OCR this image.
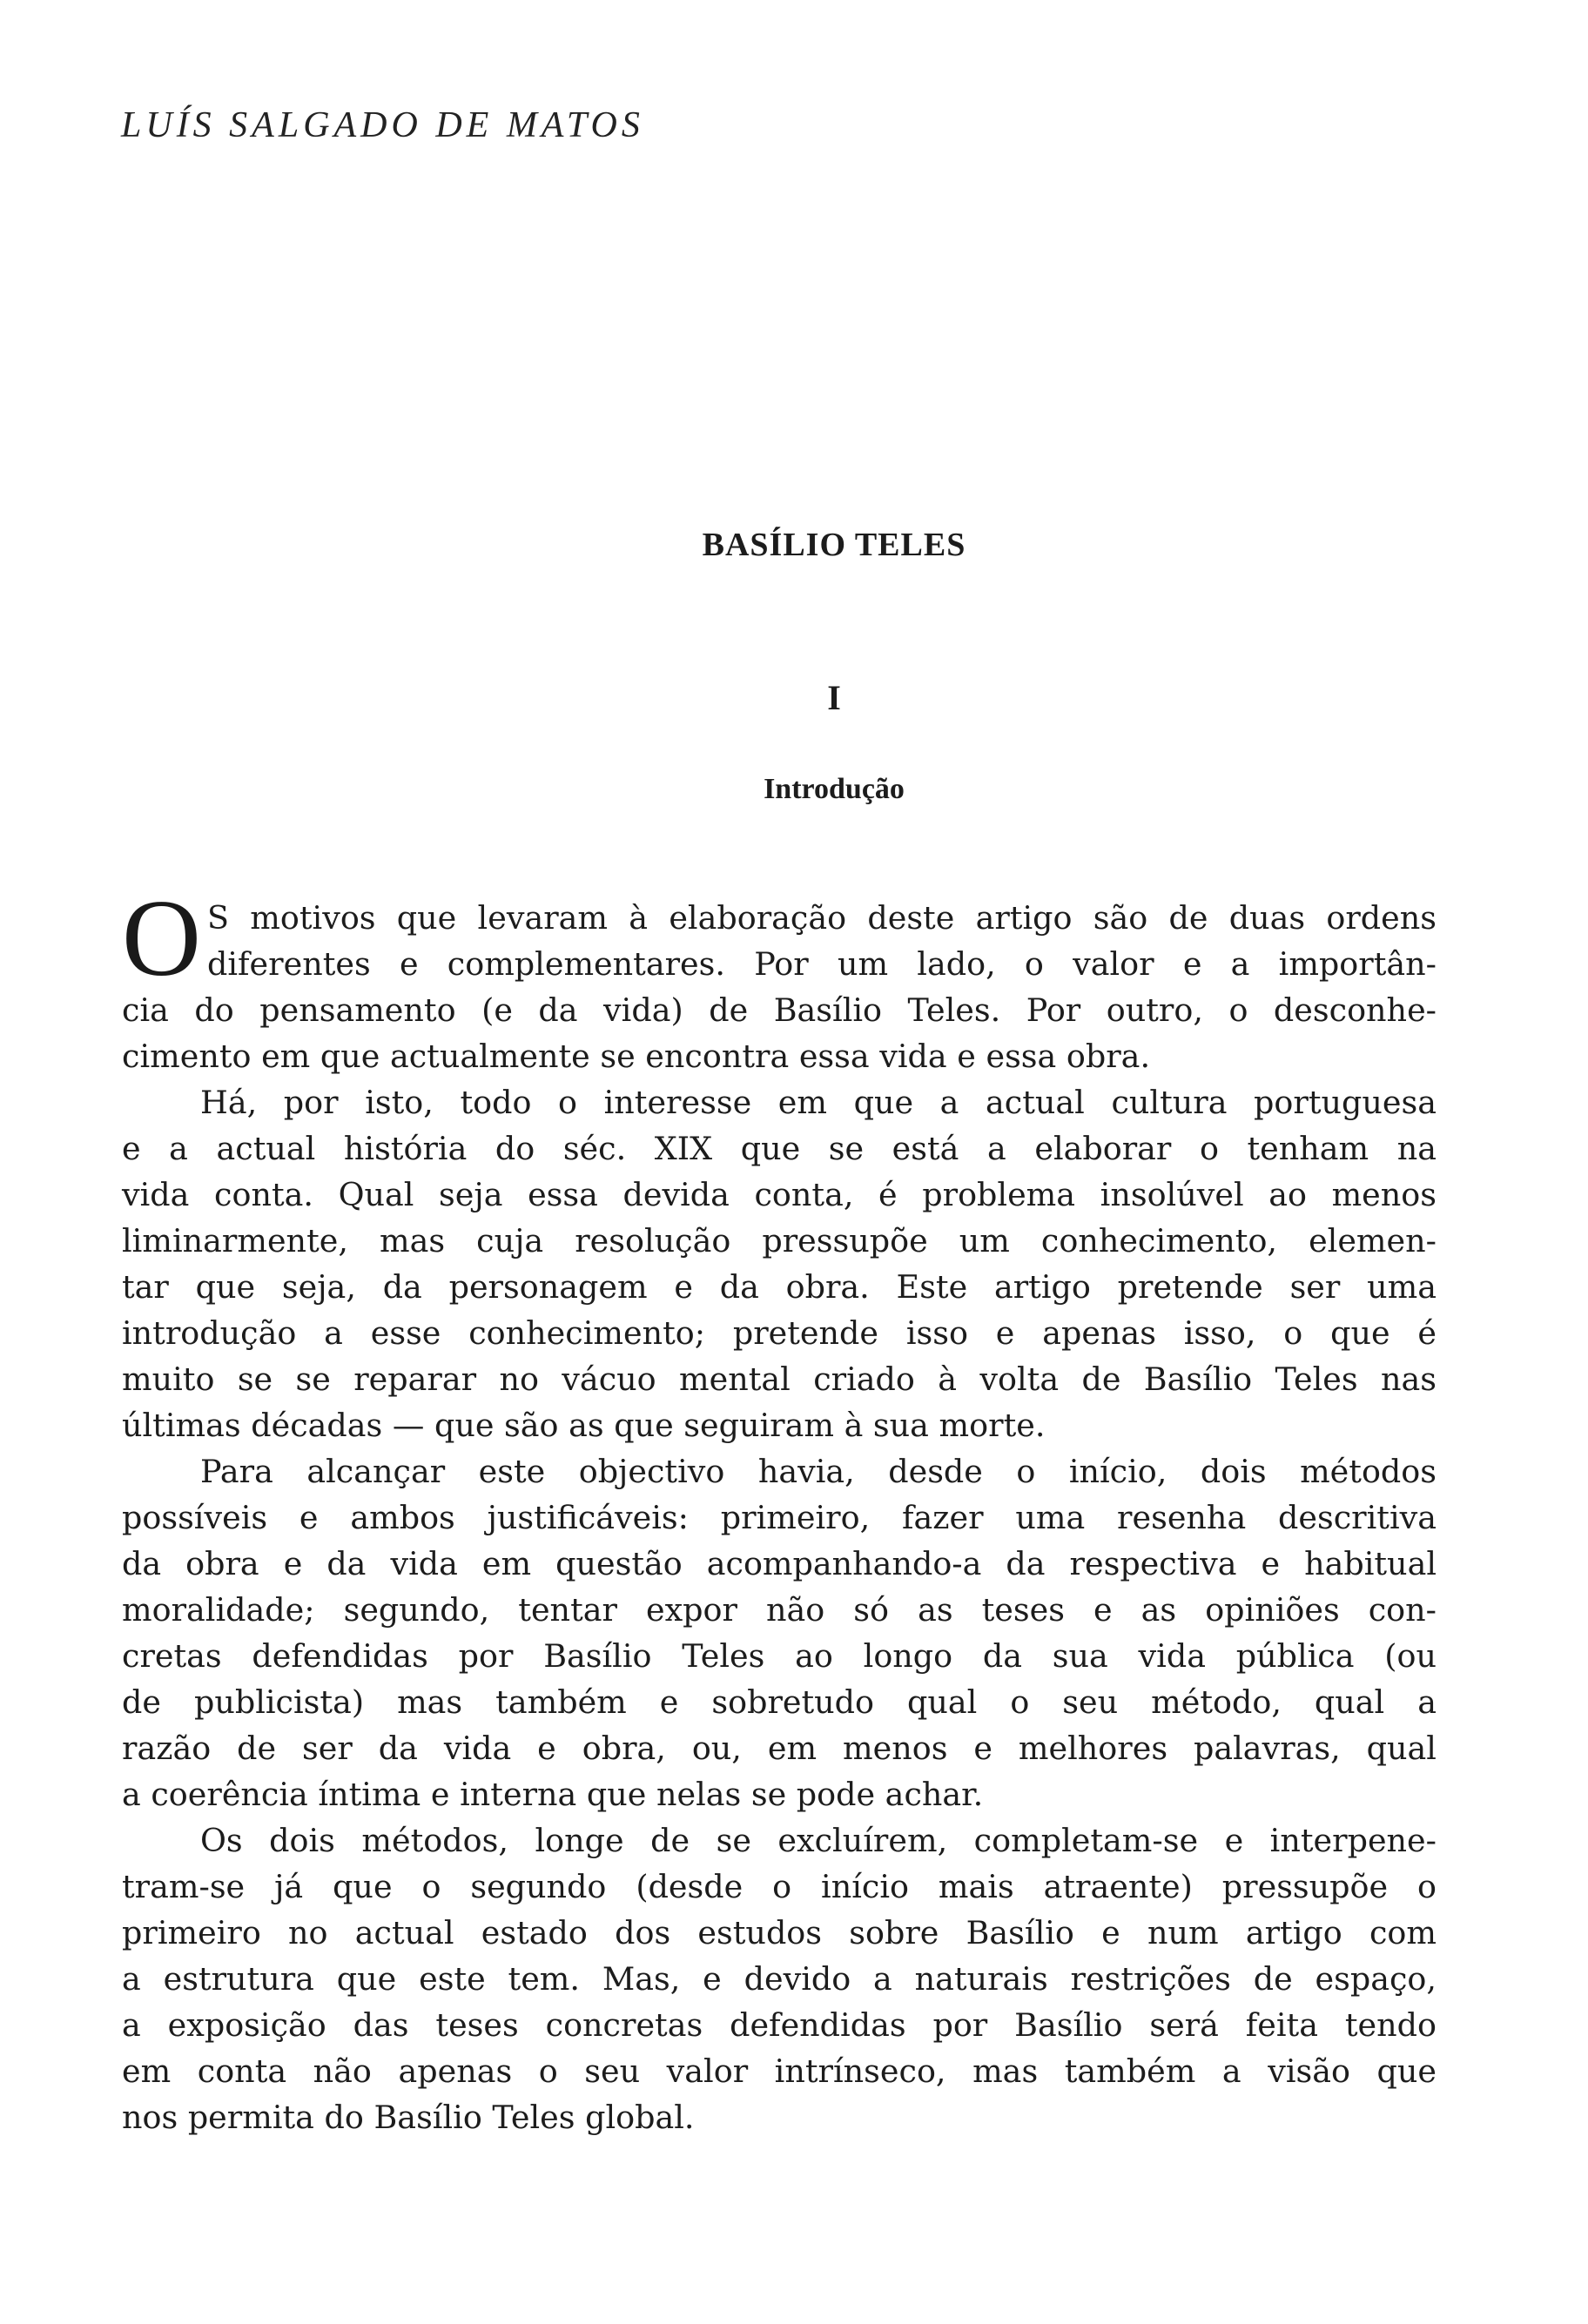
LUÍS SALGADO DE MATOS
BASÍLIO TELES
I
Introdução
O S motivos que levaram à elaboração deste artigo são de duas ordens
diferentes e complementares. Por um lado, o valor e a importân-
cia do pensamento (e da vida) de Basílio Teles. Por outro, o desconhe-
cimento em que actualmente se encontra essa vida e essa obra.
Há, por isto, todo o interesse em que a actual cultura portuguesa
e a actual história do séc. XIX que se está a elaborar o tenham na
vida conta. Qual seja essa devida conta, é problema insolúvel ao menos
liminarmente, mas cuja resolução pressupõe um conhecimento, elemen-
tar que seja, da personagem e da obra. Este artigo pretende ser uma
introdução a esse conhecimento; pretende isso e apenas isso, o que é
muito se se reparar no vácuo mental criado à volta de Basílio Teles nas
últimas décadas — que são as que seguiram à sua morte.
Para alcançar este objectivo havia, desde o início, dois métodos
possíveis e ambos justificáveis: primeiro, fazer uma resenha descritiva
da obra e da vida em questão acompanhando-a da respectiva e habitual
moralidade; segundo, tentar expor não só as teses e as opiniões con-
cretas defendidas por Basílio Teles ao longo da sua vida pública (ou
de publicista) mas também e sobretudo qual o seu método, qual a
razão de ser da vida e obra, ou, em menos e melhores palavras, qual
a coerência íntima e interna que nelas se pode achar.
Os dois métodos, longe de se excluírem, completam-se e interpene-
tram-se já que o segundo (desde o início mais atraente) pressupõe o
primeiro no actual estado dos estudos sobre Basílio e num artigo com
a estrutura que este tem. Mas, e devido a naturais restrições de espaço,
a exposição das teses concretas defendidas por Basílio será feita tendo
em conta não apenas o seu valor intrínseco, mas também a visão que
nos permita do Basílio Teles global.
